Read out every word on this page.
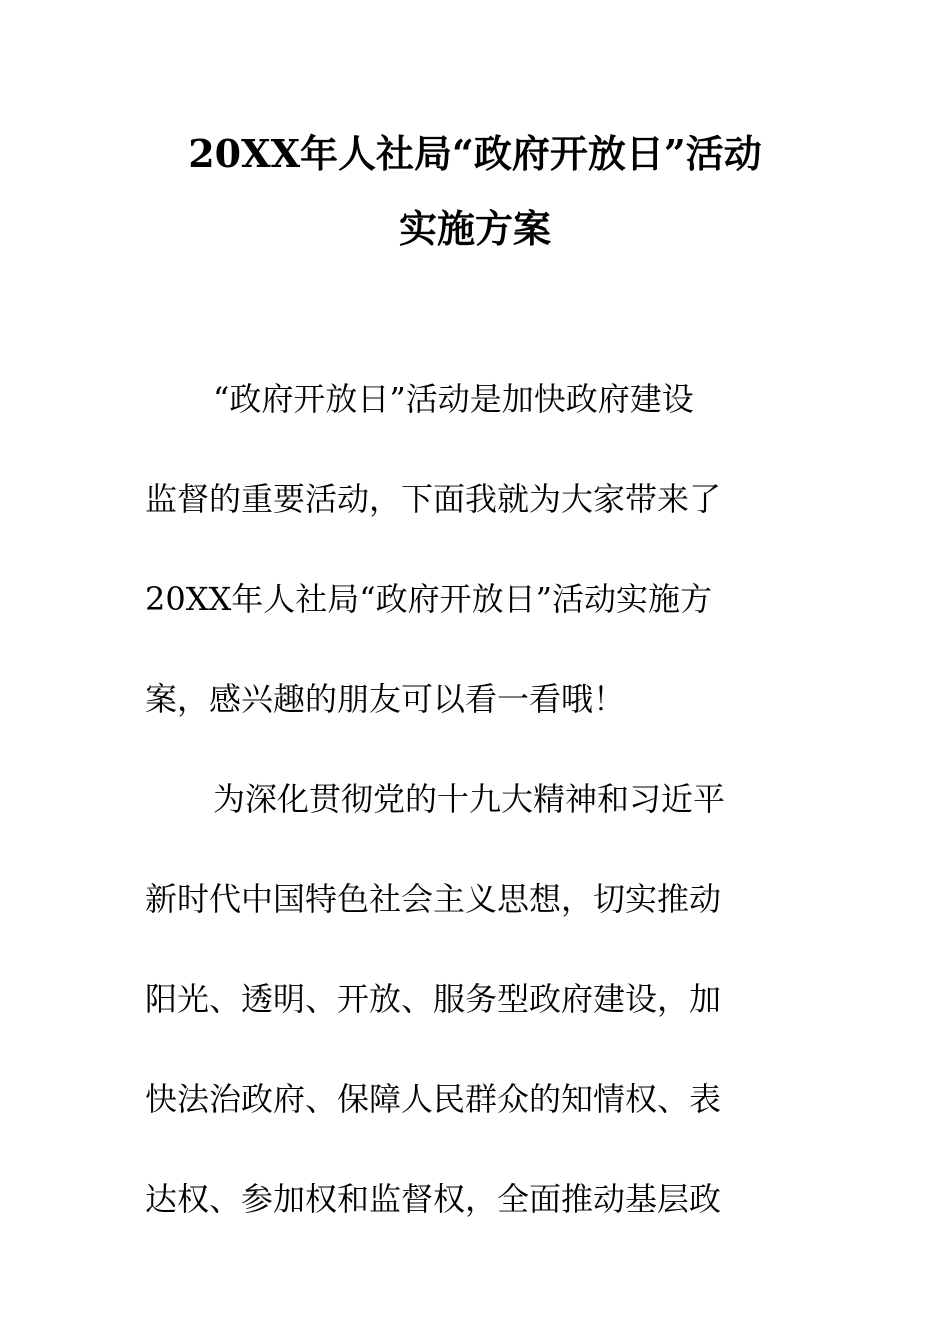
20XX年人社局“政府开放日”活动
实施方案
“政府开放日”活动是加快政府建设
监督的重要活动，下面我就为大家带来了
20XX年人社局“政府开放日”活动实施方
案，感兴趣的朋友可以看一看哦！
为深化贯彻党的十九大精神和习近平
新时代中国特色社会主义思想，切实推动
阳光、透明、开放、服务型政府建设，加
快法治政府、保障人民群众的知情权、表
达权、参加权和监督权，全面推动基层政
